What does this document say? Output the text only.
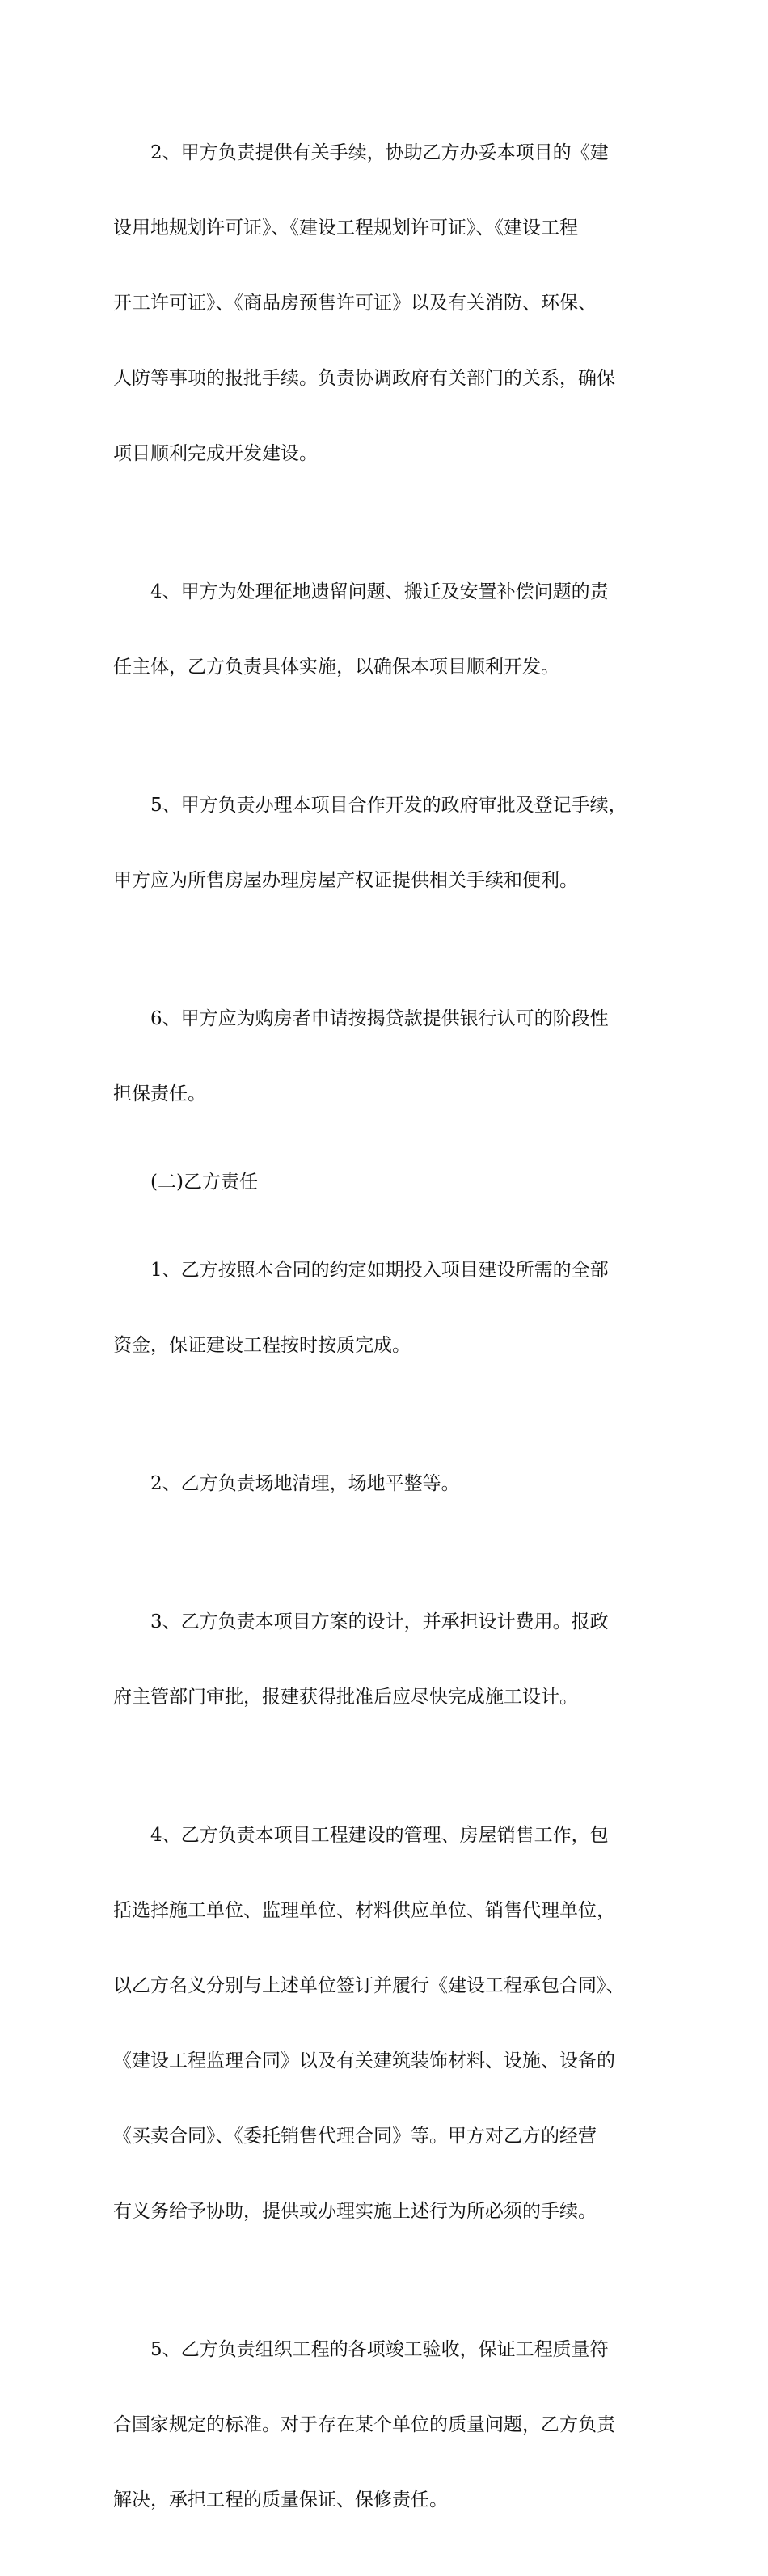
2、甲方负责提供有关手续，协助乙方办妥本项目的《建

设用地规划许可证》、《建设工程规划许可证》、《建设工程

开工许可证》、《商品房预售许可证》以及有关消防、环保、

人防等事项的报批手续。负责协调政府有关部门的关系，确保

项目顺利完成开发建设。

4、甲方为处理征地遗留问题、搬迁及安置补偿问题的责

任主体，乙方负责具体实施，以确保本项目顺利开发。

5、甲方负责办理本项目合作开发的政府审批及登记手续，

甲方应为所售房屋办理房屋产权证提供相关手续和便利。

6、甲方应为购房者申请按揭贷款提供银行认可的阶段性

担保责任。

(二)乙方责任

1、乙方按照本合同的约定如期投入项目建设所需的全部

资金，保证建设工程按时按质完成。

2、乙方负责场地清理，场地平整等。

3、乙方负责本项目方案的设计，并承担设计费用。报政

府主管部门审批，报建获得批准后应尽快完成施工设计。

4、乙方负责本项目工程建设的管理、房屋销售工作，包

括选择施工单位、监理单位、材料供应单位、销售代理单位，

以乙方名义分别与上述单位签订并履行《建设工程承包合同》、

《建设工程监理合同》以及有关建筑装饰材料、设施、设备的

《买卖合同》、《委托销售代理合同》等。甲方对乙方的经营

有义务给予协助，提供或办理实施上述行为所必须的手续。

5、乙方负责组织工程的各项竣工验收，保证工程质量符

合国家规定的标准。对于存在某个单位的质量问题，乙方负责

解决，承担工程的质量保证、保修责任。
